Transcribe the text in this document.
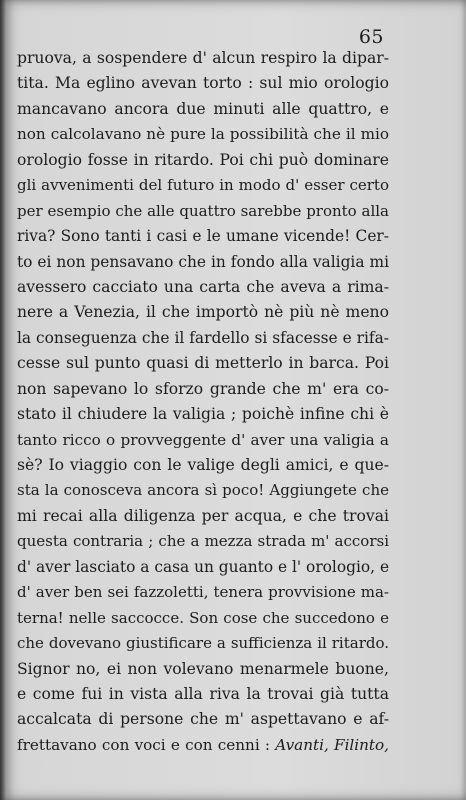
65
pruova, a sospendere d' alcun respiro la dipar-
tita. Ma eglino avevan torto : sul mio orologio
mancavano ancora due minuti alle quattro, e
non calcolavano nè pure la possibilità che il mio
orologio fosse in ritardo. Poi chi può dominare
gli avvenimenti del futuro in modo d' esser certo
per esempio che alle quattro sarebbe pronto alla
riva? Sono tanti i casi e le umane vicende! Cer-
to ei non pensavano che in fondo alla valigia mi
avessero cacciato una carta che aveva a rima-
nere a Venezia, il che importò nè più nè meno
la conseguenza che il fardello si sfacesse e rifa-
cesse sul punto quasi di metterlo in barca. Poi
non sapevano lo sforzo grande che m' era co-
stato il chiudere la valigia ; poichè infine chi è
tanto ricco o provveggente d' aver una valigia a
sè? Io viaggio con le valige degli amici, e que-
sta la conosceva ancora sì poco! Aggiungete che
mi recai alla diligenza per acqua, e che trovai
questa contraria ; che a mezza strada m' accorsi
d' aver lasciato a casa un guanto e l' orologio, e
d' aver ben sei fazzoletti, tenera provvisione ma-
terna! nelle saccocce. Son cose che succedono e
che dovevano giustificare a sufficienza il ritardo.
Signor no, ei non volevano menarmele buone,
e come fui in vista alla riva la trovai già tutta
accalcata di persone che m' aspettavano e af-
frettavano con voci e con cenni : Avanti, Filinto,
